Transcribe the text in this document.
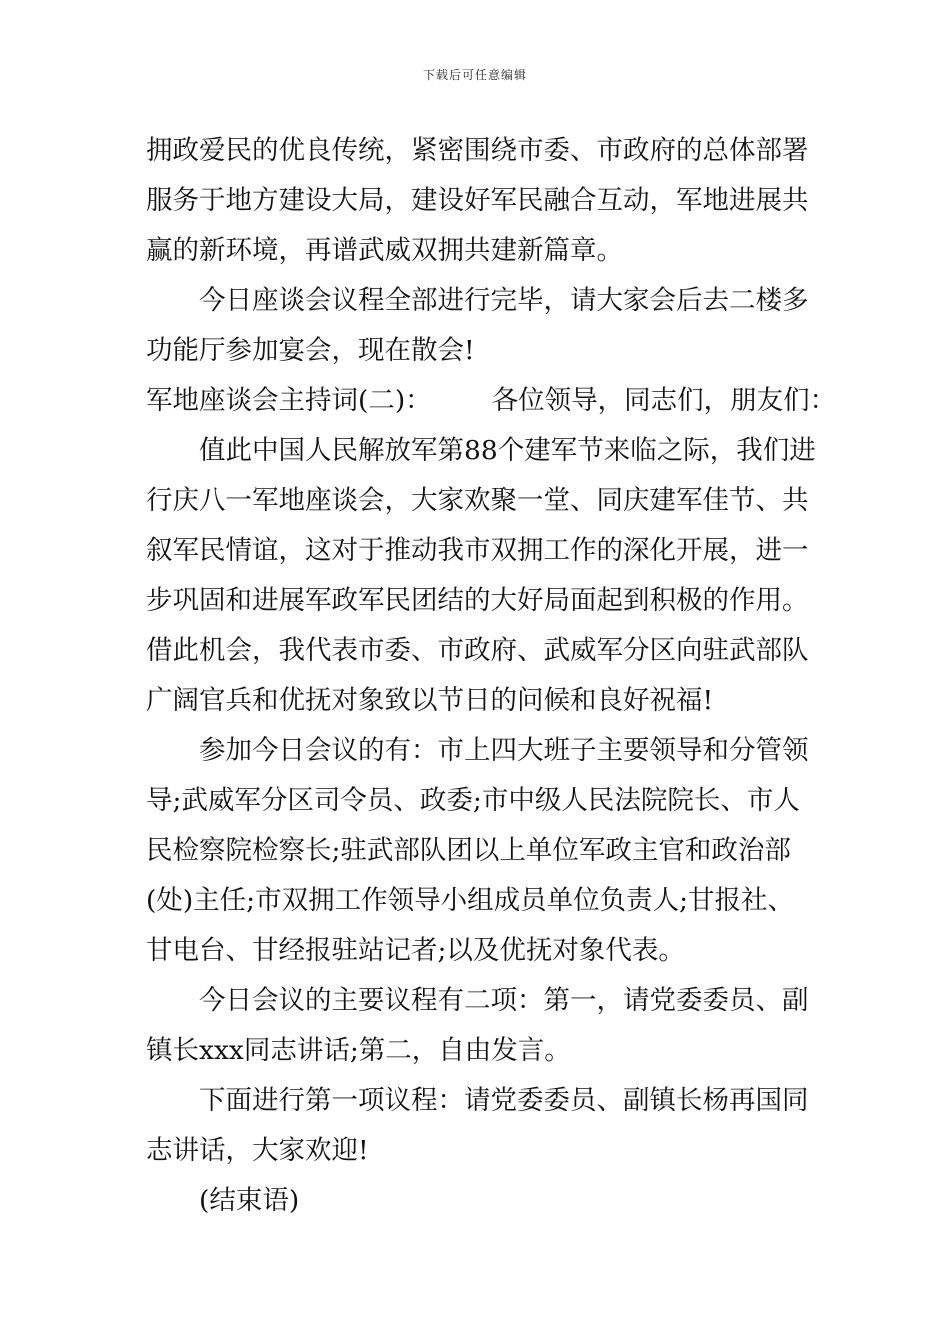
下载后可任意编辑
拥政爱民的优良传统，紧密围绕市委、市政府的总体部署
服务于地方建设大局，建设好军民融合互动，军地进展共
赢的新环境，再谱武威双拥共建新篇章。
今日座谈会议程全部进行完毕，请大家会后去二楼多
功能厅参加宴会，现在散会!
军地座谈会主持词(二)： 各位领导，同志们，朋友们：
值此中国人民解放军第88个建军节来临之际，我们进
行庆八一军地座谈会，大家欢聚一堂、同庆建军佳节、共
叙军民情谊，这对于推动我市双拥工作的深化开展，进一
步巩固和进展军政军民团结的大好局面起到积极的作用。
借此机会，我代表市委、市政府、武威军分区向驻武部队
广阔官兵和优抚对象致以节日的问候和良好祝福!
参加今日会议的有：市上四大班子主要领导和分管领
导;武威军分区司令员、政委;市中级人民法院院长、市人
民检察院检察长;驻武部队团以上单位军政主官和政治部
(处)主任;市双拥工作领导小组成员单位负责人;甘报社、
甘电台、甘经报驻站记者;以及优抚对象代表。
今日会议的主要议程有二项：第一，请党委委员、副
镇长xxx同志讲话;第二，自由发言。
下面进行第一项议程：请党委委员、副镇长杨再国同
志讲话，大家欢迎!
(结束语)
